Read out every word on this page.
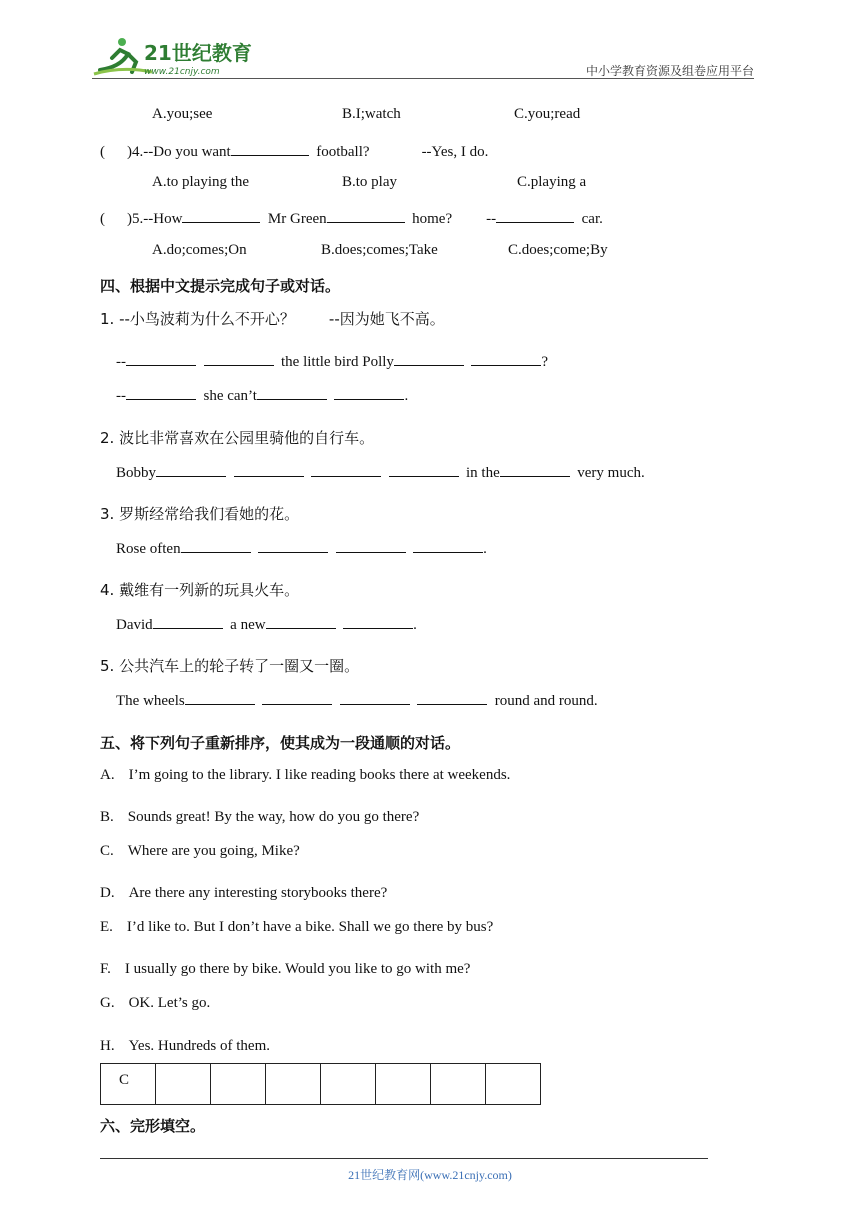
21世纪教育
www.21cnjy.com	中小学教育资源及组卷应用平台
A.you;see	B.I;watch	C.you;read
( )4.--Do you want	football?	--Yes, I do.
A.to playing the	B.to play	C.playing a
( )5.--How	Mr Green	home? --	car.
A.do;comes;On	B.does;comes;Take	C.does;come;By
四、根据中文提示完成句子或对话。
1. --小鸟波莉为什么不开心？ --因为她飞不高。
--	the little bird Polly	?
--	she can’t	.
2. 波比非常喜欢在公园里骑他的自行车。
Bobby	in the	very much.
3. 罗斯经常给我们看她的花。
Rose often	.
4. 戴维有一列新的玩具火车。
David	a new	.
5. 公共汽车上的轮子转了一圈又一圈。
The wheels	round and round.
五、将下列句子重新排序，使其成为一段通顺的对话。
A. I’m going to the library. I like reading books there at weekends.
B. Sounds great! By the way, how do you go there?
C. Where are you going, Mike?
D. Are there any interesting storybooks there?
E. I’d like to. But I don’t have a bike. Shall we go there by bus?
F. I usually go there by bike. Would you like to go with me?
G. OK. Let’s go.
H. Yes. Hundreds of them.
C							
六、完形填空。
21世纪教育网(www.21cnjy.com)
